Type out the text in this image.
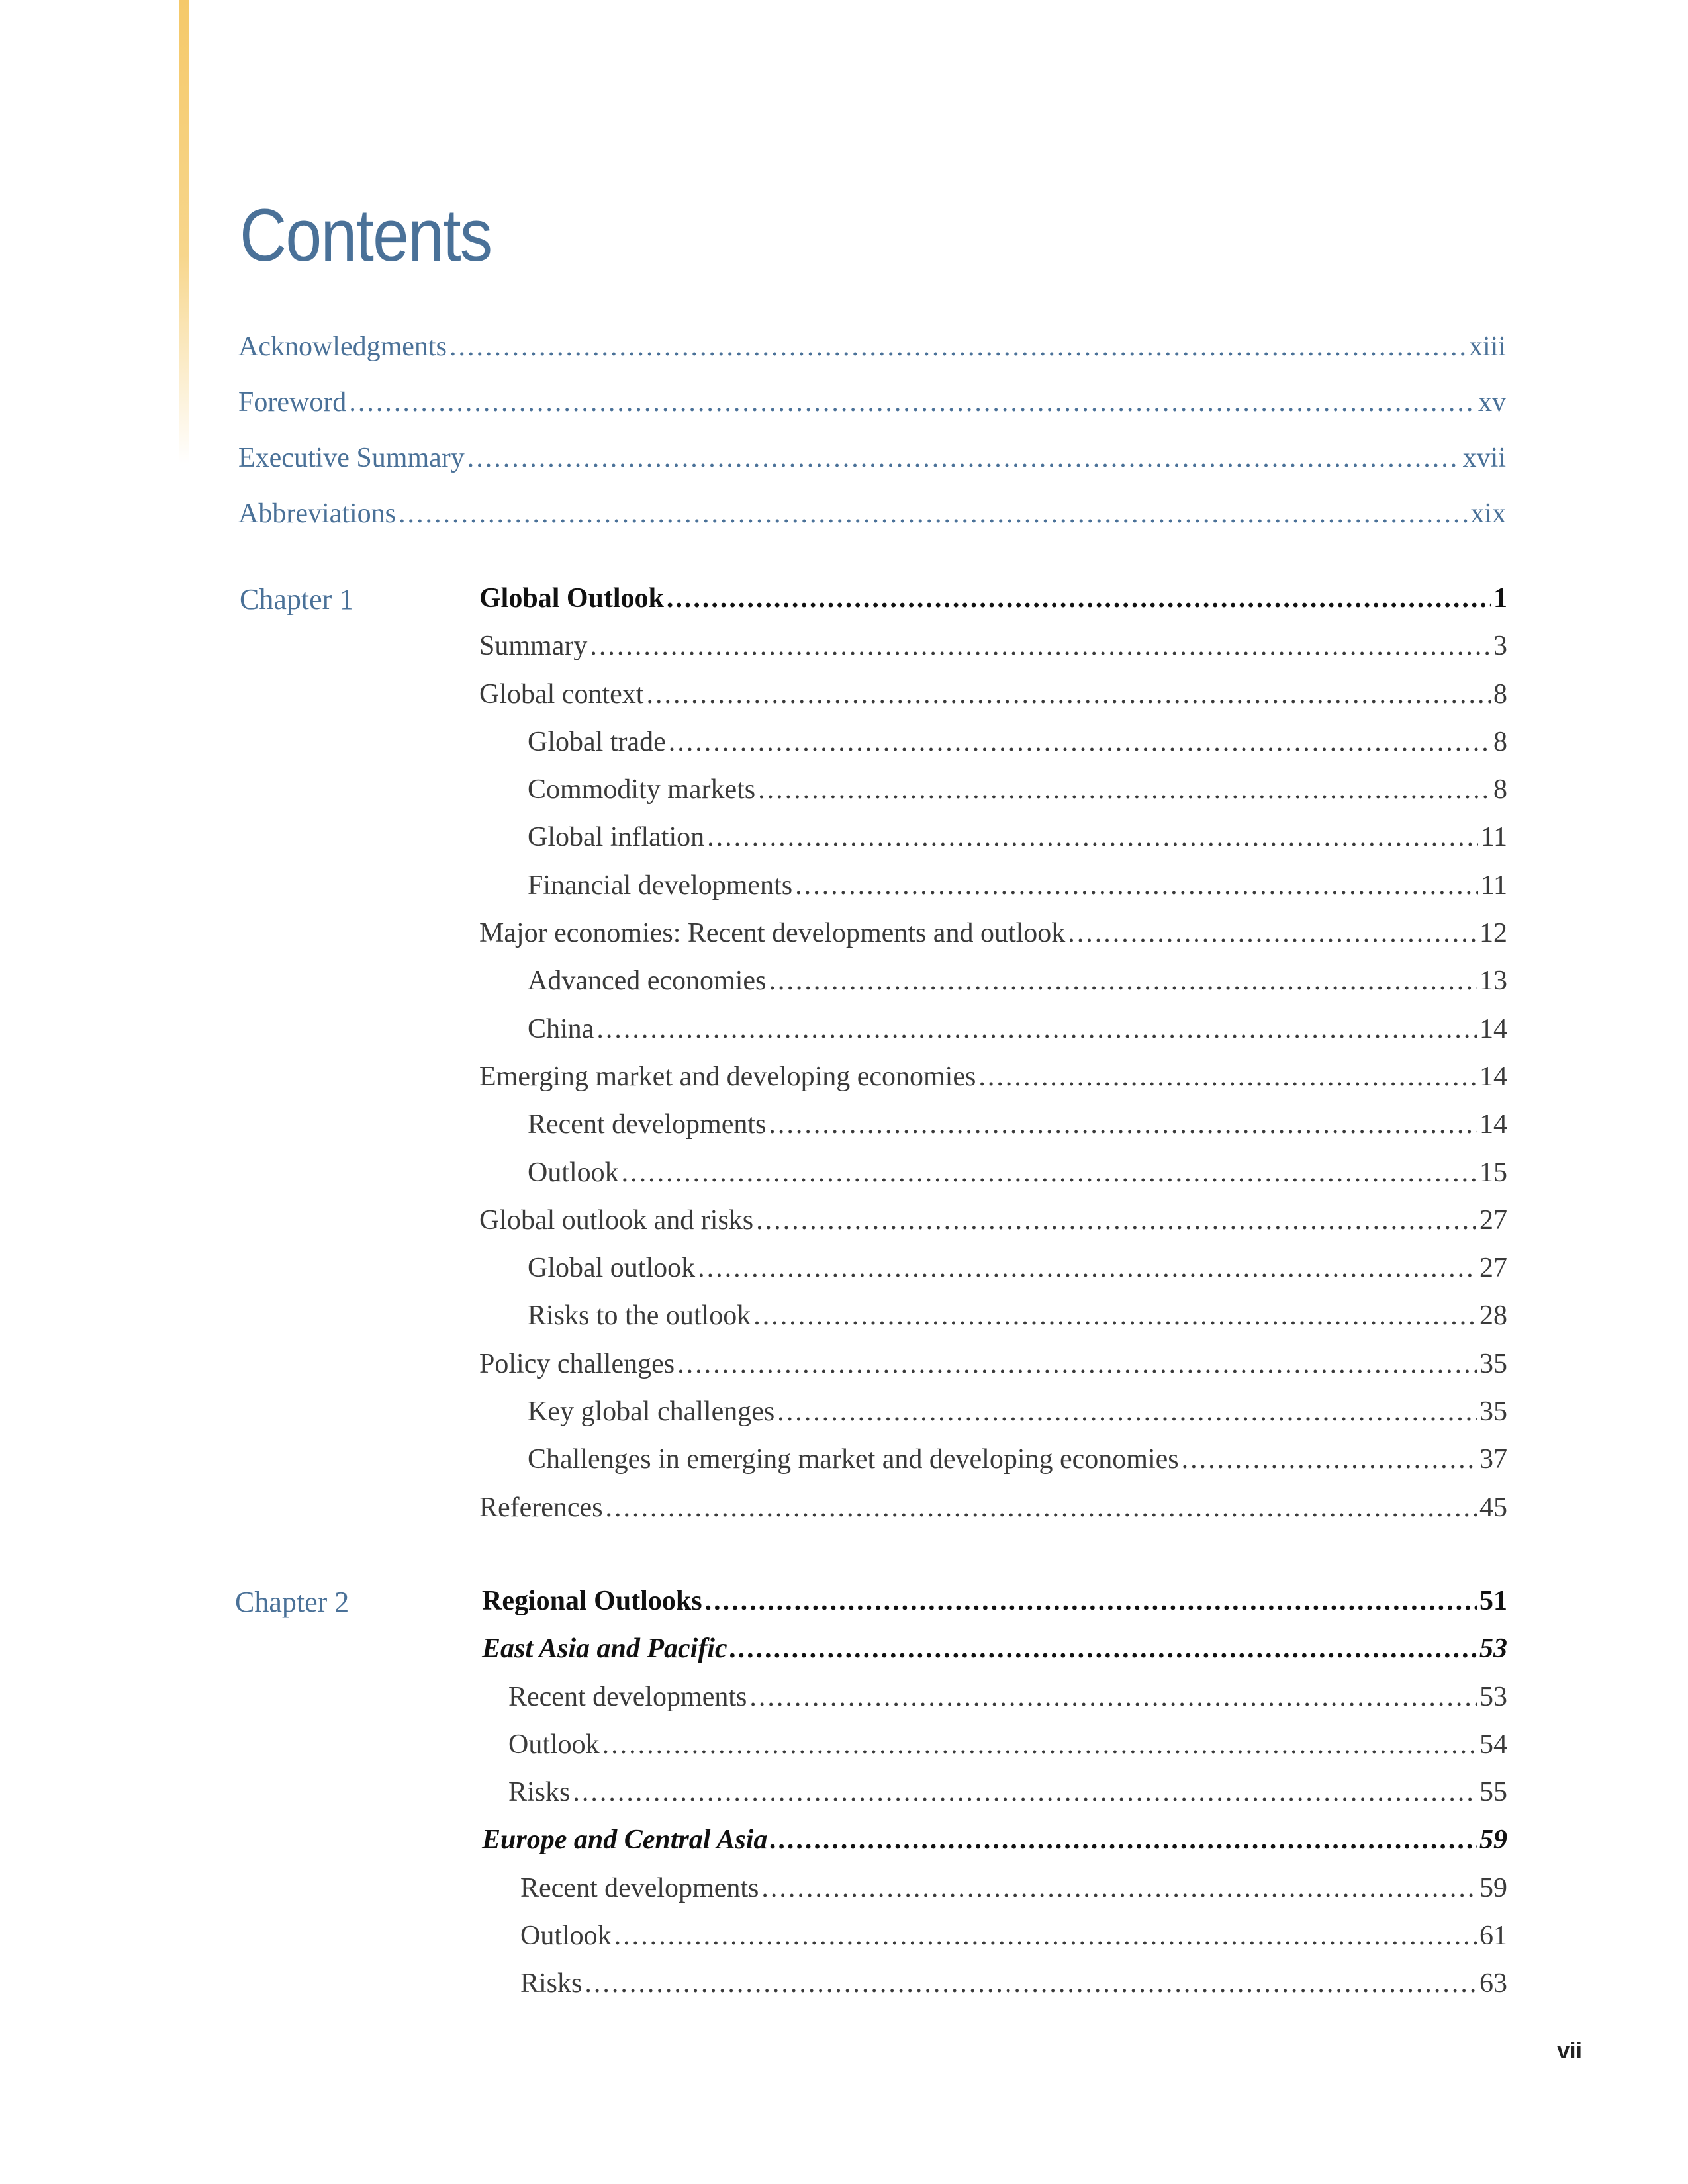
Contents
Acknowledgments .....	xiii
Foreword .....	xv
Executive Summary .....	xvii
Abbreviations .....	xix
Chapter 1	Global Outlook .....	1
Summary .....	3
Global context .....	8
Global trade .....	8
Commodity markets .....	8
Global inflation .....	11
Financial developments .....	11
Major economies: Recent developments and outlook .....	12
Advanced economies .....	13
China .....	14
Emerging market and developing economies .....	14
Recent developments .....	14
Outlook .....	15
Global outlook and risks .....	27
Global outlook .....	27
Risks to the outlook .....	28
Policy challenges .....	35
Key global challenges .....	35
Challenges in emerging market and developing economies .....	37
References .....	45
Chapter 2	Regional Outlooks .....	51
East Asia and Pacific .....	53
Recent developments .....	53
Outlook .....	54
Risks .....	55
Europe and Central Asia .....	59
Recent developments .....	59
Outlook .....	61
Risks .....	63
vii
